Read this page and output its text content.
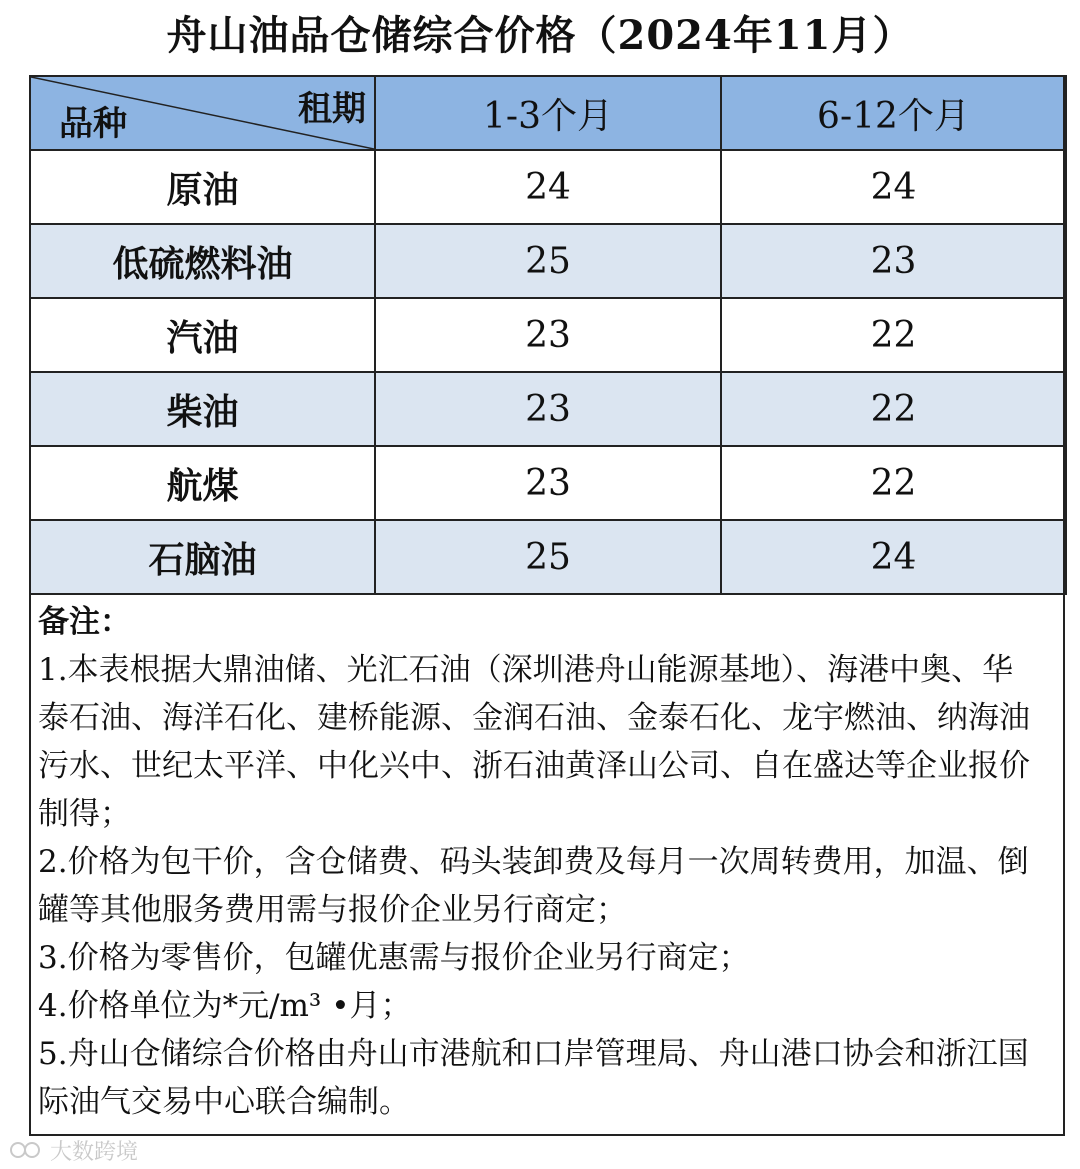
舟山油品仓储综合价格（2024年11月）
租期
品种	1-3个月	6-12个月
原油	24	24
低硫燃料油	25	23
汽油	23	22
柴油	23	22
航煤	23	22
石脑油	25	24

备注：

1.本表根据大鼎油储、光汇石油（深圳港舟山能源基地）、海港中奥、华泰石油、海洋石化、建桥能源、金润石油、金泰石化、龙宇燃油、纳海油污水、世纪太平洋、中化兴中、浙石油黄泽山公司、自在盛达等企业报价制得；

2.价格为包干价，含仓储费、码头装卸费及每月一次周转费用，加温、倒罐等其他服务费用需与报价企业另行商定；

3.价格为零售价，包罐优惠需与报价企业另行商定；

4.价格单位为*元/m³ •月；

5.舟山仓储综合价格由舟山市港航和口岸管理局、舟山港口协会和浙江国际油气交易中心联合编制。

大数跨境
